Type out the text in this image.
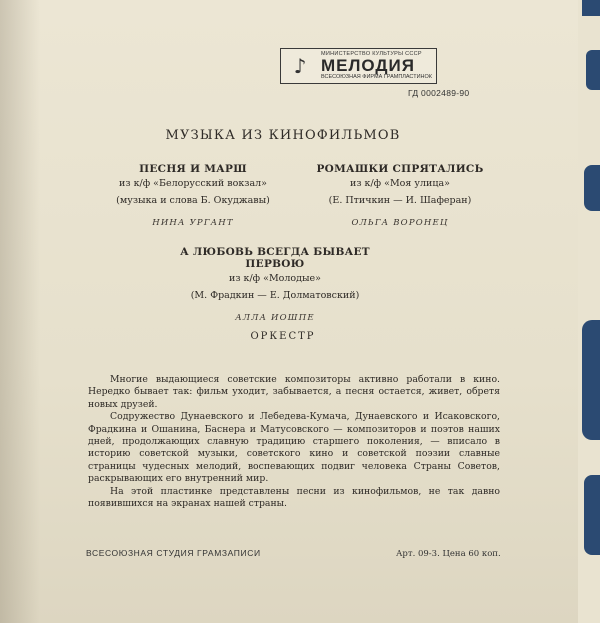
♪	МИНИСТЕРСТВО КУЛЬТУРЫ СССР
МЕЛОДИЯ
ВСЕСОЮЗНАЯ ФИРМА ГРАМПЛАСТИНОК
ГД 0002489-90
МУЗЫКА ИЗ КИНОФИЛЬМОВ
ПЕСНЯ И МАРШ
из к/ф «Белорусский вокзал»
(музыка и слова Б. Окуджавы)
НИНА УРГАНТ
РОМАШКИ СПРЯТАЛИСЬ
из к/ф «Моя улица»
(Е. Птичкин — И. Шаферан)
ОЛЬГА ВОРОНЕЦ
А ЛЮБОВЬ ВСЕГДА БЫВАЕТ ПЕРВОЮ
из к/ф «Молодые»
(М. Фрадкин — Е. Долматовский)
АЛЛА ИОШПЕ
ОРКЕСТР

Многие выдающиеся советские композиторы активно работали в кино. Нередко бывает так: фильм уходит, забывается, а песня остается, живет, обретя новых друзей.

Содружество Дунаевского и Лебедева-Кумача, Дунаевского и Исаковского, Фрадкина и Ошанина, Баснера и Матусовского — композиторов и поэтов наших дней, продолжающих славную традицию старшего поколения, — вписало в историю советской музыки, советского кино и советской поэзии славные страницы чудесных мелодий, воспевающих подвиг человека Страны Советов, раскрывающих его внутренний мир.

На этой пластинке представлены песни из кинофильмов, не так давно появившихся на экранах нашей страны.

ВСЕСОЮЗНАЯ СТУДИЯ ГРАМЗАПИСИ	Арт. 09-3. Цена 60 коп.
